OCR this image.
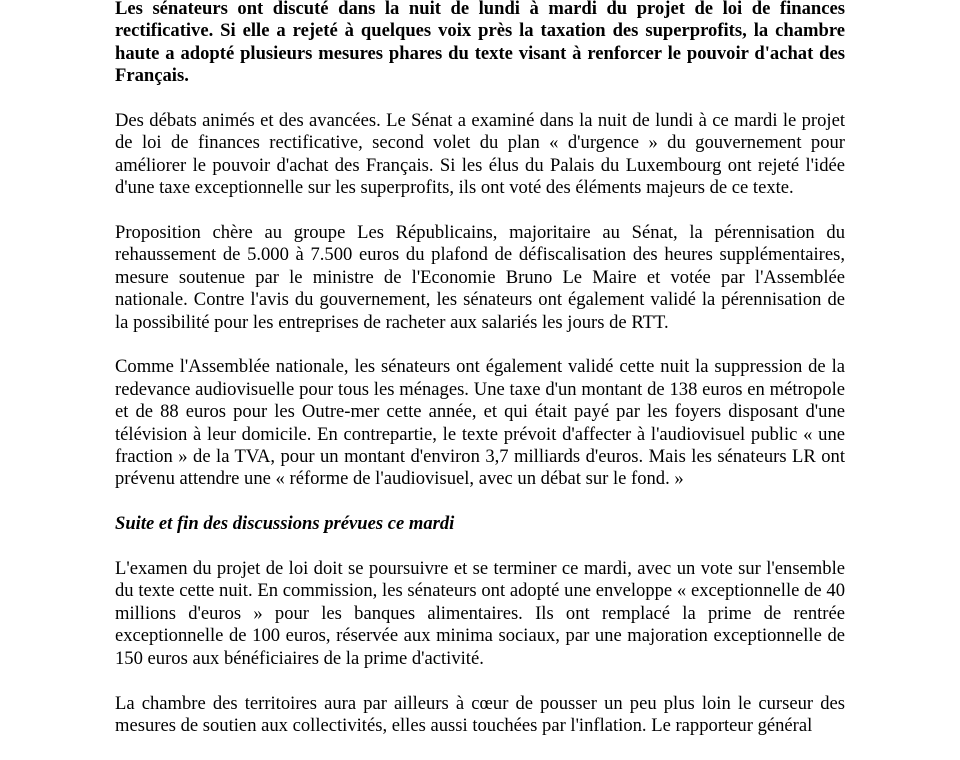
Les sénateurs ont discuté dans la nuit de lundi à mardi du projet de loi de finances rectificative. Si elle a rejeté à quelques voix près la taxation des superprofits, la chambre haute a adopté plusieurs mesures phares du texte visant à renforcer le pouvoir d'achat des Français.

Des débats animés et des avancées. Le Sénat a examiné dans la nuit de lundi à ce mardi le projet de loi de finances rectificative, second volet du plan « d'urgence » du gouvernement pour améliorer le pouvoir d'achat des Français. Si les élus du Palais du Luxembourg ont rejeté l'idée d'une taxe exceptionnelle sur les superprofits, ils ont voté des éléments majeurs de ce texte.

Proposition chère au groupe Les Républicains, majoritaire au Sénat, la pérennisation du rehaussement de 5.000 à 7.500 euros du plafond de défiscalisation des heures supplémentaires, mesure soutenue par le ministre de l'Economie Bruno Le Maire et votée par l'Assemblée nationale. Contre l'avis du gouvernement, les sénateurs ont également validé la pérennisation de la possibilité pour les entreprises de racheter aux salariés les jours de RTT.

Comme l'Assemblée nationale, les sénateurs ont également validé cette nuit la suppression de la redevance audiovisuelle pour tous les ménages. Une taxe d'un montant de 138 euros en métropole et de 88 euros pour les Outre-mer cette année, et qui était payé par les foyers disposant d'une télévision à leur domicile. En contrepartie, le texte prévoit d'affecter à l'audiovisuel public « une fraction » de la TVA, pour un montant d'environ 3,7 milliards d'euros. Mais les sénateurs LR ont prévenu attendre une « réforme de l'audiovisuel, avec un débat sur le fond. »

Suite et fin des discussions prévues ce mardi

L'examen du projet de loi doit se poursuivre et se terminer ce mardi, avec un vote sur l'ensemble du texte cette nuit. En commission, les sénateurs ont adopté une enveloppe « exceptionnelle de 40 millions d'euros » pour les banques alimentaires. Ils ont remplacé la prime de rentrée exceptionnelle de 100 euros, réservée aux minima sociaux, par une majoration exceptionnelle de 150 euros aux bénéficiaires de la prime d'activité.

La chambre des territoires aura par ailleurs à cœur de pousser un peu plus loin le curseur des mesures de soutien aux collectivités, elles aussi touchées par l'inflation. Le rapporteur général
